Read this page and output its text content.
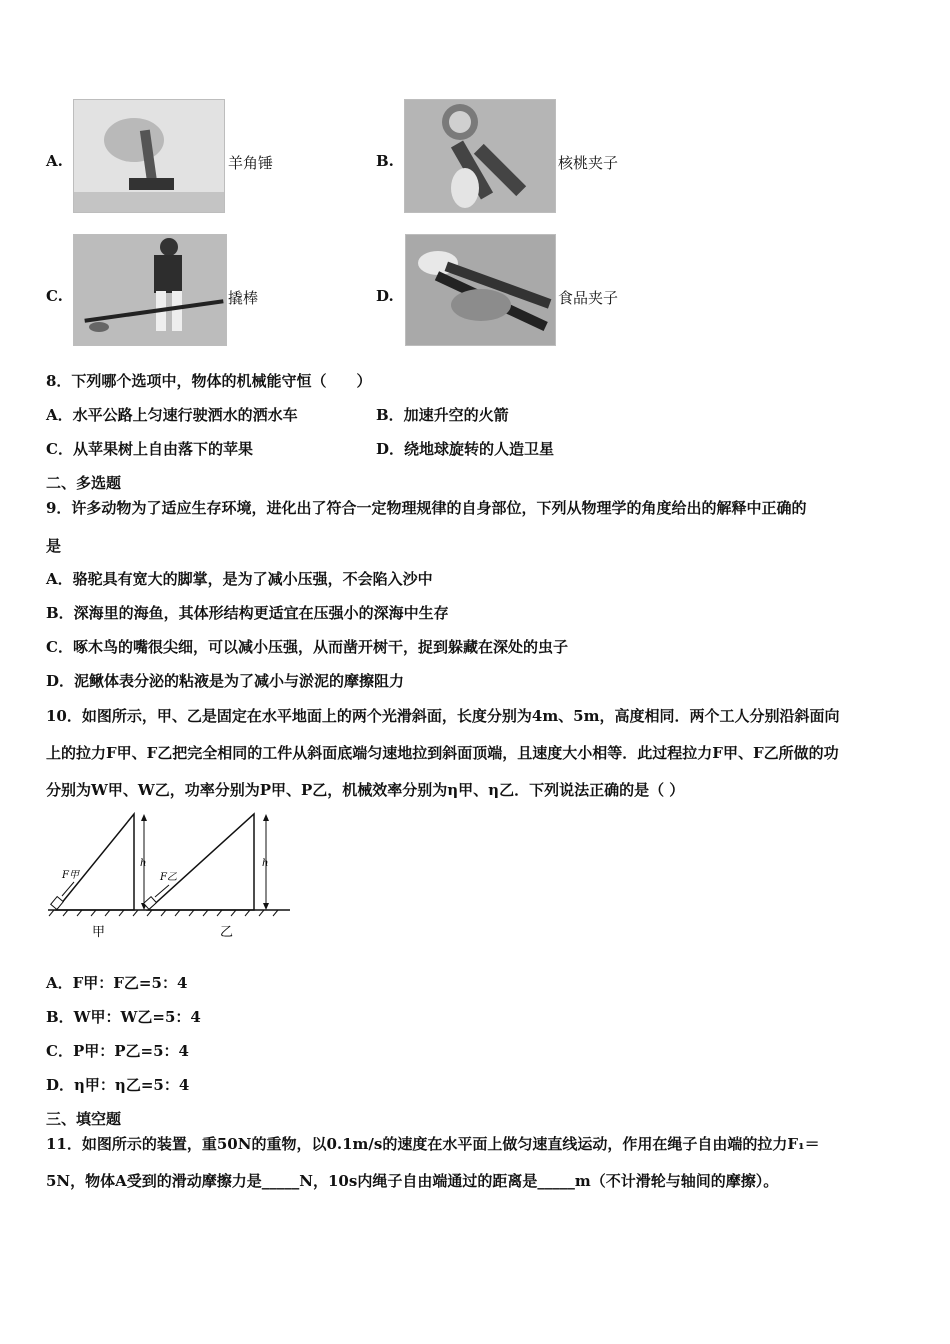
A.	羊角锤	B.	核桃夹子
C.	撬棒	D.	食品夹子
8．下列哪个选项中，物体的机械能守恒（　　）
A．水平公路上匀速行驶洒水的洒水车	B．加速升空的火箭
C．从苹果树上自由落下的苹果	D．绕地球旋转的人造卫星
二、多选题
9．许多动物为了适应生存环境，进化出了符合一定物理规律的自身部位，下列从物理学的角度给出的解释中正确的
是
A．骆驼具有宽大的脚掌，是为了减小压强，不会陷入沙中
B．深海里的海鱼，其体形结构更适宜在压强小的深海中生存
C．啄木鸟的嘴很尖细，可以减小压强，从而凿开树干，捉到躲藏在深处的虫子
D．泥鳅体表分泌的粘液是为了减小与淤泥的摩擦阻力
10．如图所示，甲、乙是固定在水平地面上的两个光滑斜面，长度分别为4m、5m，高度相同．两个工人分别沿斜面向
上的拉力F甲、F乙把完全相同的工件从斜面底端匀速地拉到斜面顶端，且速度大小相等．此过程拉力F甲、F乙所做的功
分别为W甲、W乙，功率分别为P甲、P乙，机械效率分别为η甲、η乙．下列说法正确的是（ ）
h
F甲
h
F乙
甲	乙
A．F甲：F乙=5：4
B．W甲：W乙=5：4
C．P甲：P乙=5：4
D．η甲：η乙=5：4
三、填空题
11．如图所示的装置，重50N的重物，以0.1m/s的速度在水平面上做匀速直线运动，作用在绳子自由端的拉力F₁＝
5N，物体A受到的滑动摩擦力是_____N，10s内绳子自由端通过的距离是_____m（不计滑轮与轴间的摩擦）。
